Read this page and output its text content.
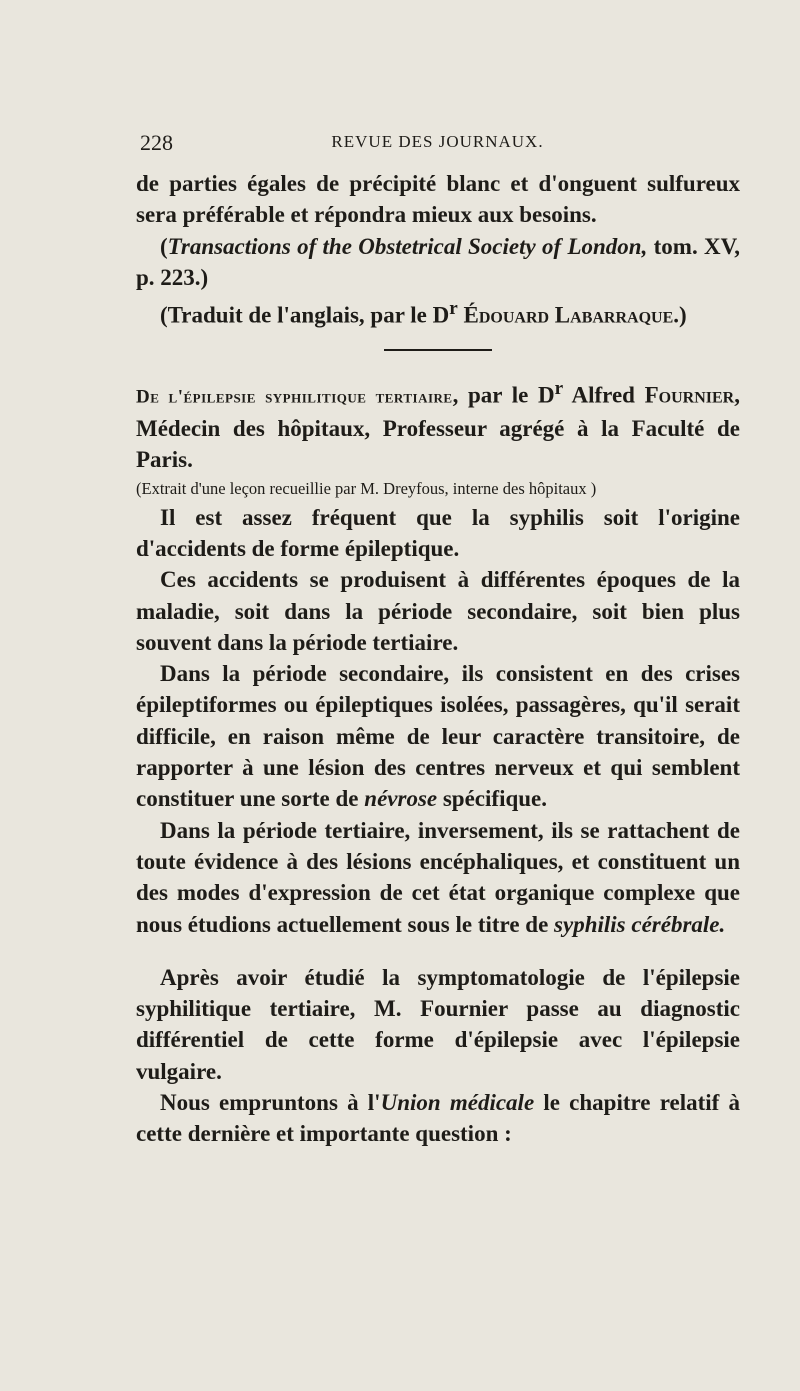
228	REVUE DES JOURNAUX.

de parties égales de précipité blanc et d'onguent sulfureux sera préférable et répondra mieux aux besoins.

(Transactions of the Obstetrical Society of London, tom. XV, p. 223.)

(Traduit de l'anglais, par le $D^r$ Édouard Labarraque.)

De l'épilepsie syphilitique tertiaire, par le $D^r$ Alfred Fournier, Médecin des hôpitaux, Professeur agrégé à la Faculté de Paris.

(Extrait d'une leçon recueillie par M. Dreyfous, interne des hôpitaux )

Il est assez fréquent que la syphilis soit l'origine d'accidents de forme épileptique.

Ces accidents se produisent à différentes époques de la maladie, soit dans la période secondaire, soit bien plus souvent dans la période tertiaire.

Dans la période secondaire, ils consistent en des crises épileptiformes ou épileptiques isolées, passagères, qu'il serait difficile, en raison même de leur caractère transitoire, de rapporter à une lésion des centres nerveux et qui semblent constituer une sorte de névrose spécifique.

Dans la période tertiaire, inversement, ils se rattachent de toute évidence à des lésions encéphaliques, et constituent un des modes d'expression de cet état organique complexe que nous étudions actuellement sous le titre de syphilis cérébrale.

Après avoir étudié la symptomatologie de l'épilepsie syphilitique tertiaire, M. Fournier passe au diagnostic différentiel de cette forme d'épilepsie avec l'épilepsie vulgaire.

Nous empruntons à l'Union médicale le chapitre relatif à cette dernière et importante question :
